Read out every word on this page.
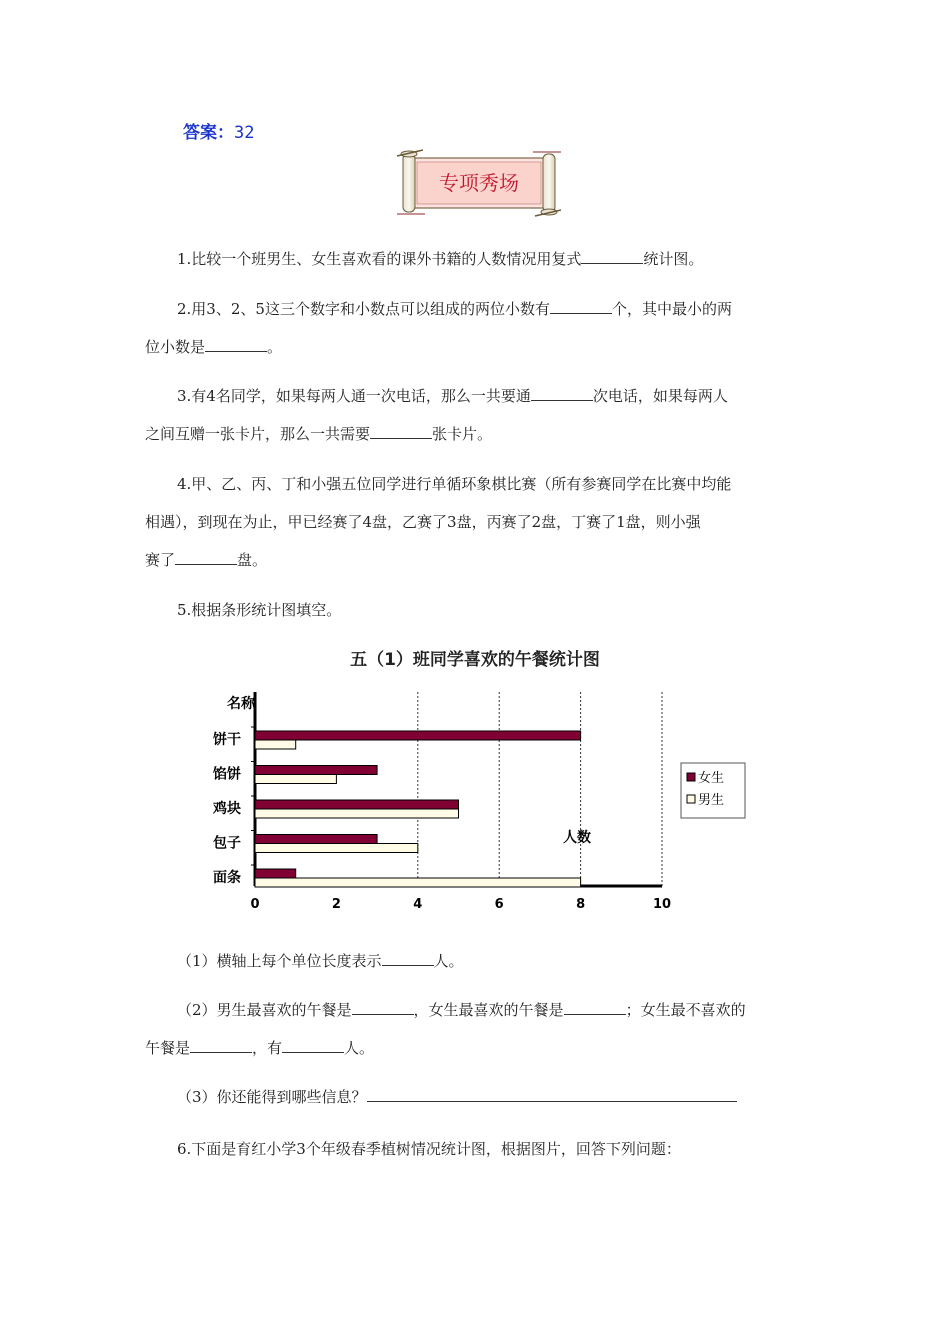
答案：32
专项秀场
1.比较一个班男生、女生喜欢看的课外书籍的人数情况用复式	统计图。
2.用3、2、5这三个数字和小数点可以组成的两位小数有	个，其中最小的两
位小数是	。
3.有4名同学，如果每两人通一次电话，那么一共要通	次电话，如果每两人
之间互赠一张卡片，那么一共需要	张卡片。
4.甲、乙、丙、丁和小强五位同学进行单循环象棋比赛（所有参赛同学在比赛中均能
相遇），到现在为止，甲已经赛了4盘，乙赛了3盘，丙赛了2盘，丁赛了1盘，则小强
赛了	盘。
5.根据条形统计图填空。
五（1）班同学喜欢的午餐统计图
名称
饼干
馅饼
鸡块
包子
面条
0	2	4	6	8	10
人数
女生
男生
（1）横轴上每个单位长度表示	人。
（2）男生最喜欢的午餐是	，女生最喜欢的午餐是	；女生最不喜欢的
午餐是	，有	人。
（3）你还能得到哪些信息？
6.下面是育红小学3个年级春季植树情况统计图，根据图片，回答下列问题：
